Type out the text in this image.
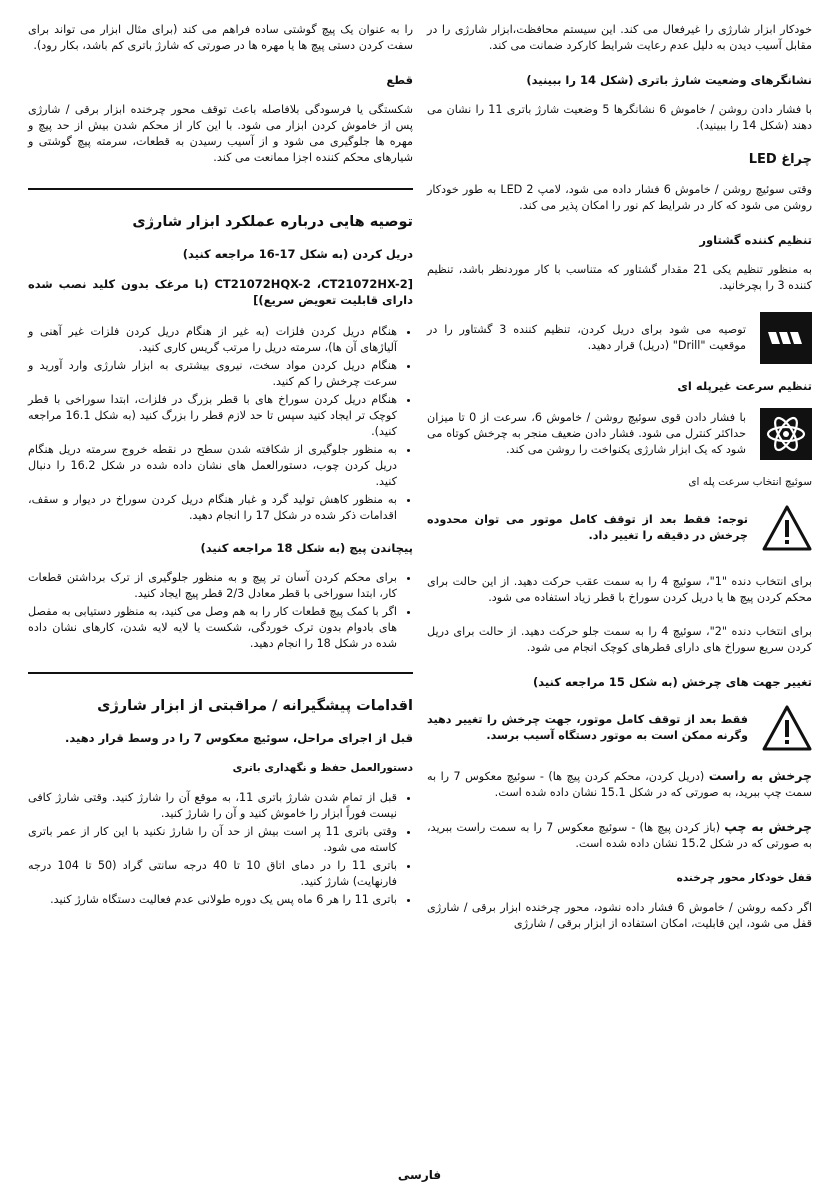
خودکار ابزار شارژی را غیرفعال می کند. این سیستم محافظت،ابزار شارژی را در مقابل آسیب دیدن به دلیل عدم رعایت شرایط کارکرد ضمانت می کند.

نشانگرهای وضعیت شارژ باتری (شکل 14 را ببینید)

با فشار دادن روشن / خاموش 6 نشانگرها 5 وضعیت شارژ باتری 11 را نشان می دهند (شکل 14 را ببینید).

چراغ LED

وقتی سوئیچ روشن / خاموش 6 فشار داده می شود، لامپ LED 2 به طور خودکار روشن می شود که کار در شرایط کم نور را امکان پذیر می کند.

تنظیم کننده گشتاور

به منظور تنظیم یکی 21 مقدار گشتاور که متناسب با کار موردنظر باشد، تنظیم کننده 3 را بچرخانید.

توصیه می شود برای دریل کردن، تنظیم کننده 3 گشتاور را در موقعیت "Drill" (دریل) قرار دهید.

تنظیم سرعت غیرپله ای

با فشار دادن قوی سوئیچ روشن / خاموش 6، سرعت از 0 تا میزان حداکثر کنترل می شود. فشار دادن ضعیف منجر به چرخش کوتاه می شود که یک ابزار شارژی یکنواخت را روشن می کند.

سوئیچ انتخاب سرعت پله ای

توجه: فقط بعد از توقف کامل موتور می توان محدوده چرخش در دقیقه را تغییر داد.

برای انتخاب دنده "1"، سوئیچ 4 را به سمت عقب حرکت دهید. از این حالت برای محکم کردن پیچ ها یا دریل کردن سوراخ با قطر زیاد استفاده می شود.

برای انتخاب دنده "2"، سوئیچ 4 را به سمت جلو حرکت دهید. از حالت برای دریل کردن سریع سوراخ های دارای قطرهای کوچک انجام می شود.

تغییر جهت های چرخش (به شکل 15 مراجعه کنید)

فقط بعد از توقف کامل موتور، جهت چرخش را تغییر دهید وگرنه ممکن است به موتور دستگاه آسیب برسد.

چرخش به راست (دریل کردن، محکم کردن پیچ ها) - سوئیچ معکوس 7 را به سمت چپ ببرید، به صورتی که در شکل 15.1 نشان داده شده است.

چرخش به چپ (باز کردن پیچ ها) - سوئیچ معکوس 7 را به سمت راست ببرید، به صورتی که در شکل 15.2 نشان داده شده است.

قفل خودکار محور چرخنده

اگر دکمه روشن / خاموش 6 فشار داده نشود، محور چرخنده ابزار برقی / شارژی قفل می شود، این قابلیت، امکان استفاده از ابزار برقی / شارژی

را به عنوان یک پیچ گوشتی ساده فراهم می کند (برای مثال ابزار می تواند برای سفت کردن دستی پیچ ها یا مهره ها در صورتی که شارژ باتری کم باشد، بکار رود).

قطع

شکستگی یا فرسودگی بلافاصله باعث توقف محور چرخنده ابزار برقی / شارژی پس از خاموش کردن ابزار می شود. با این کار از محکم شدن بیش از حد پیچ و مهره ها جلوگیری می شود و از آسیب رسیدن به قطعات، سرمته پیچ گوشتی و شیارهای محکم کننده اجزا ممانعت می کند.

توصیه هایی درباره عملکرد ابزار شارژی

دریل کردن (به شکل 17-16 مراجعه کنید)

[CT21072HQX-2 ،CT21072HX-2 (با مرغک بدون کلید نصب شده دارای قابلیت تعویض سریع)]

• هنگام دریل کردن فلزات (به غیر از هنگام دریل کردن فلزات غیر آهنی و آلیاژهای آن ها)، سرمته دریل را مرتب گریس کاری کنید.
• هنگام دریل کردن مواد سخت، نیروی بیشتری به ابزار شارژی وارد آورید و سرعت چرخش را کم کنید.
• هنگام دریل کردن سوراخ های با قطر بزرگ در فلزات، ابتدا سوراخی با قطر کوچک تر ایجاد کنید سپس تا حد لازم قطر را بزرگ کنید (به شکل 16.1 مراجعه کنید).
• به منظور جلوگیری از شکافته شدن سطح در نقطه خروج سرمته دریل هنگام دریل کردن چوب، دستورالعمل های نشان داده شده در شکل 16.2 را دنبال کنید.
• به منظور کاهش تولید گرد و غبار هنگام دریل کردن سوراخ در دیوار و سقف، اقدامات ذکر شده در شکل 17 را انجام دهید.

پیچاندن پیچ (به شکل 18 مراجعه کنید)

• برای محکم کردن آسان تر پیچ و به منظور جلوگیری از ترک برداشتن قطعات کار، ابتدا سوراخی با قطر معادل 2/3 قطر پیچ ایجاد کنید.
• اگر با کمک پیچ قطعات کار را به هم وصل می کنید، به منظور دستیابی به مفصل های بادوام بدون ترک خوردگی، شکست یا لایه لایه شدن، کارهای نشان داده شده در شکل 18 را انجام دهید.

اقدامات پیشگیرانه / مراقبتی از ابزار شارژی

قبل از اجرای مراحل، سوئیچ معکوس 7 را در وسط قرار دهید.

دستورالعمل حفظ و نگهداری باتری

• قبل از تمام شدن شارژ باتری 11، به موقع آن را شارژ کنید. وقتی شارژ کافی نیست فوراً ابزار را خاموش کنید و آن را شارژ کنید.
• وقتی باتری 11 پر است بیش از حد آن را شارژ نکنید با این کار از عمر باتری کاسته می شود.
• باتری 11 را در دمای اتاق 10 تا 40 درجه سانتی گراد (50 تا 104 درجه فارنهایت) شارژ کنید.
• باتری 11 را هر 6 ماه پس یک دوره طولانی عدم فعالیت دستگاه شارژ کنید.
فارسی
